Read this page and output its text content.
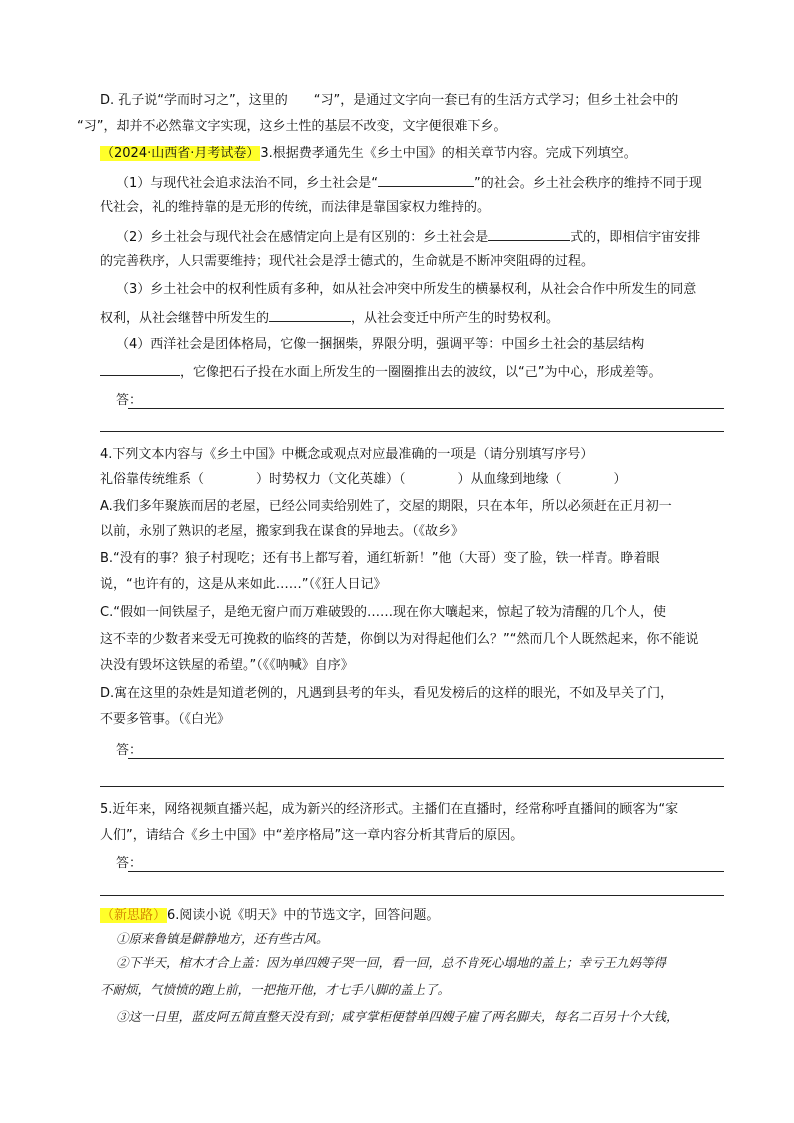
D. 孔子说“学而时习之”，这里的　　“习”，是通过文字向一套已有的生活方式学习；但乡土社会中的
“习”，却并不必然靠文字实现，这乡土性的基层不改变，文字便很难下乡。
（2024·山西省·月考试卷）3.根据费孝通先生《乡土中国》的相关章节内容。完成下列填空。
（1）与现代社会追求法治不同，乡土社会是“	”的社会。乡土社会秩序的维持不同于现
代社会，礼的维持靠的是无形的传统，而法律是靠国家权力维持的。
（2）乡土社会与现代社会在感情定向上是有区别的：乡土社会是	式的，即相信宇宙安排
的完善秩序，人只需要维持；现代社会是浮士德式的，生命就是不断冲突阻碍的过程。
（3）乡土社会中的权利性质有多种，如从社会冲突中所发生的横暴权利，从社会合作中所发生的同意
权利，从社会继替中所发生的	，从社会变迁中所产生的时势权利。
（4）西洋社会是团体格局，它像一捆捆柴，界限分明，强调平等：中国乡土社会的基层结构
，它像把石子投在水面上所发生的一圈圈推出去的波纹，以“己”为中心，形成差等。
答：
4.下列文本内容与《乡土中国》中概念或观点对应最准确的一项是（请分别填写序号）
礼俗靠传统维系（　　　　）时势权力（文化英雄）（　　　　）从血缘到地缘（　　　　）
A.我们多年聚族而居的老屋，已经公同卖给别姓了，交屋的期限，只在本年，所以必须赶在正月初一
以前，永别了熟识的老屋，搬家到我在谋食的异地去。（《故乡》
B.“没有的事？狼子村现吃；还有书上都写着，通红斩新！”他（大哥）变了脸，铁一样青。睁着眼
说，“也许有的，这是从来如此……”（《狂人日记》
C.“假如一间铁屋子，是绝无窗户而万难破毁的……现在你大嚷起来，惊起了较为清醒的几个人，使
这不幸的少数者来受无可挽救的临终的苦楚，你倒以为对得起他们么？”“然而几个人既然起来，你不能说
决没有毁坏这铁屋的希望。”（《《呐喊》自序》
D.寓在这里的杂姓是知道老例的，凡遇到县考的年头，看见发榜后的这样的眼光，不如及早关了门，
不要多管事。（《白光》
答：
5.近年来，网络视频直播兴起，成为新兴的经济形式。主播们在直播时，经常称呼直播间的顾客为“家
人们”，请结合《乡土中国》中“差序格局”这一章内容分析其背后的原因。
答：
（新思路）6.阅读小说《明天》中的节选文字，回答问题。
①原来鲁镇是僻静地方，还有些古风。
②下半天，棺木才合上盖：因为单四嫂子哭一回，看一回，总不肯死心塌地的盖上；幸亏王九妈等得
不耐烦，气愤愤的跑上前，一把拖开他，才七手八脚的盖上了。
③这一日里，蓝皮阿五简直整天没有到；咸亨掌柜便替单四嫂子雇了两名脚夫，每名二百另十个大钱，
